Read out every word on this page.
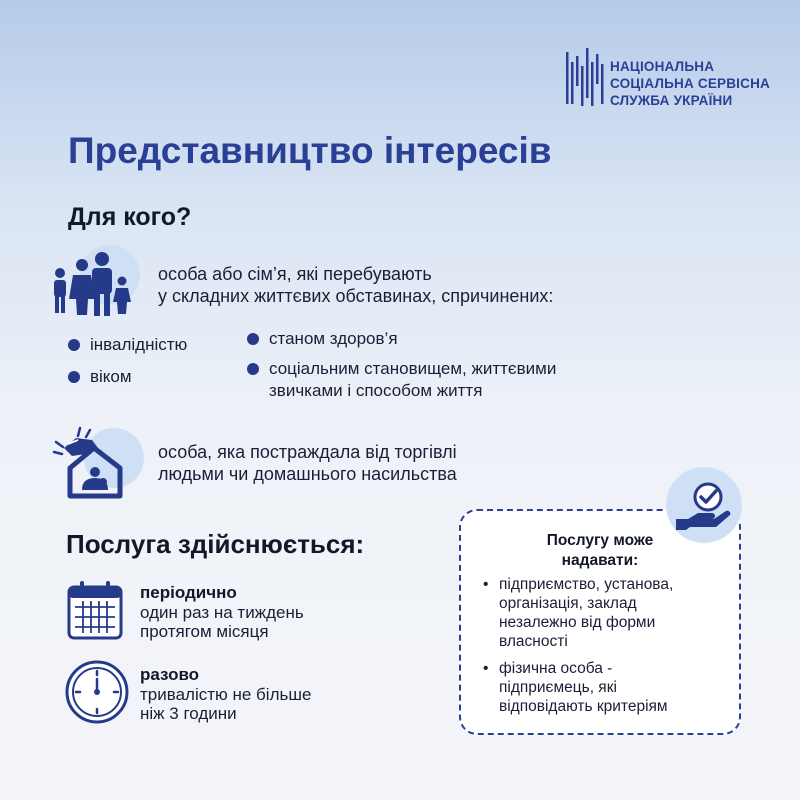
НАЦІОНАЛЬНА
СОЦІАЛЬНА СЕРВІСНА
СЛУЖБА УКРАЇНИ
Представництво інтересів
Для кого?
особа або сім’я, які перебувають
у складних життєвих обставинах, спричинених:
інвалідністю
віком
станом здоров’я
соціальним становищем, життєвими
звичками і способом життя
особа, яка постраждала від торгівлі
людьми чи домашнього насильства
Послуга здійснюється:
періодично
один раз на тиждень
протягом місяця
разово
тривалістю не більше
ніж 3 години
Послугу може
надавати:
• підприємство, установа,
організація, заклад
незалежно від форми
власності
• фізична особа -
підприємець, які
відповідають критеріям
